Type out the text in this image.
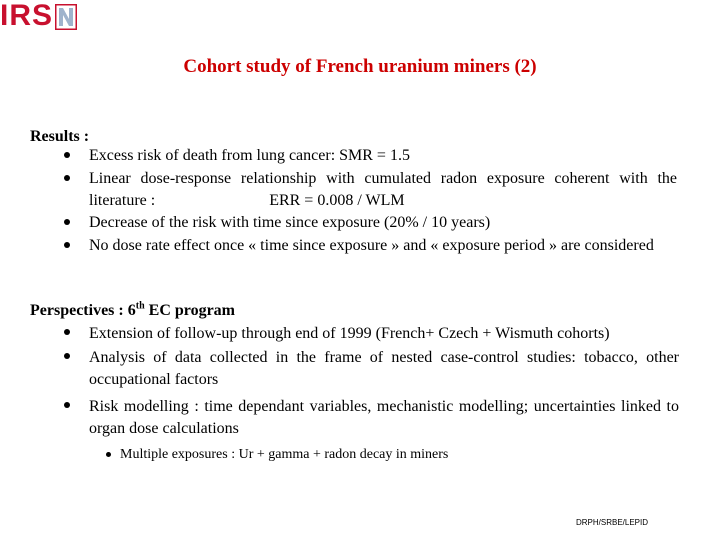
IRS
Cohort study of French uranium miners (2)
Results :
Excess risk of death from lung cancer: SMR = 1.5
Linear dose-response relationship with cumulated radon exposure coherent with the literature :	ERR = 0.008 / WLM
Decrease of the risk with time since exposure (20% / 10 years)
No dose rate effect once « time since exposure » and « exposure period » are considered
Perspectives : 6th EC program
Extension of follow-up through end of 1999 (French+ Czech + Wismuth cohorts)
Analysis of data collected in the frame of nested case-control studies: tobacco, other occupational factors
Risk modelling : time dependant variables, mechanistic modelling; uncertainties linked to organ dose calculations
Multiple exposures : Ur + gamma + radon decay in miners
DRPH/SRBE/LEPID
